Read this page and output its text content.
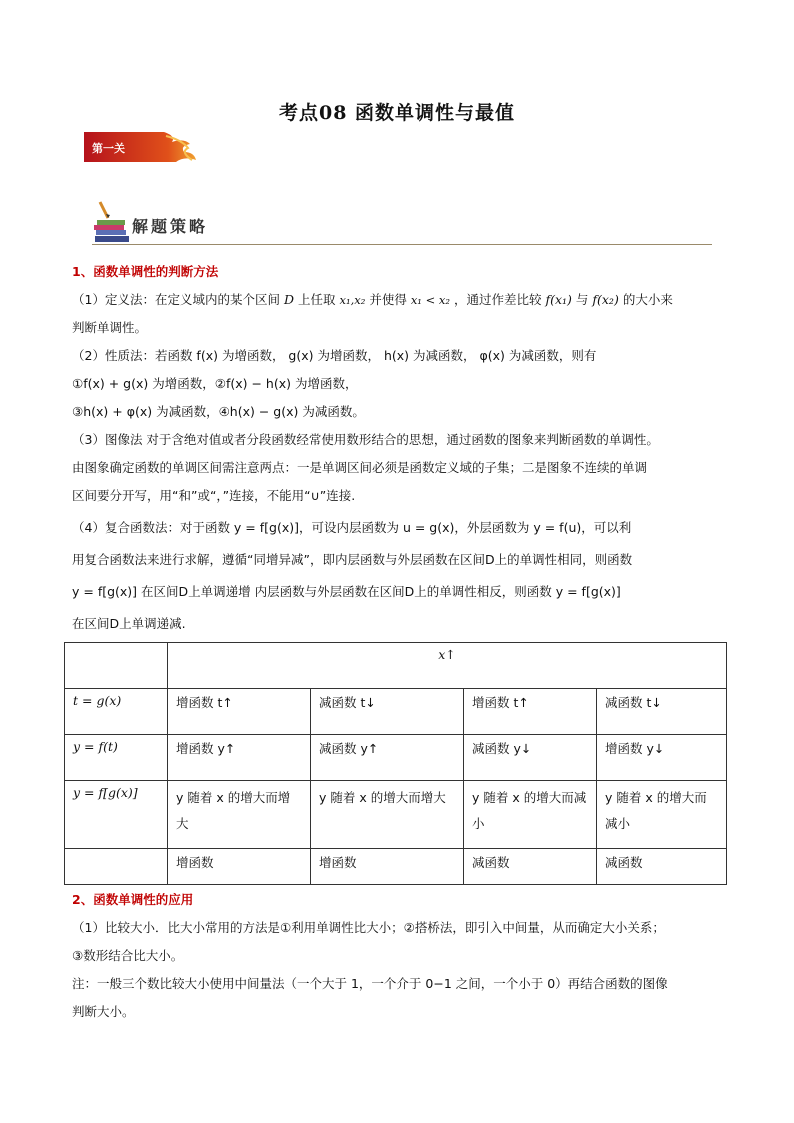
考点08 函数单调性与最值
第一关
解题策略

1、函数单调性的判断方法

（1）定义法：在定义域内的某个区间 D 上任取 x₁,x₂ 并使得 x₁ < x₂ ，通过作差比较 f(x₁) 与 f(x₂) 的大小来

判断单调性。

（2）性质法：若函数 f(x) 为增函数， g(x) 为增函数， h(x) 为减函数， φ(x) 为减函数，则有

①f(x) + g(x) 为增函数，②f(x) − h(x) 为增函数，

③h(x) + φ(x) 为减函数，④h(x) − g(x) 为减函数。

（3）图像法 对于含绝对值或者分段函数经常使用数形结合的思想，通过函数的图象来判断函数的单调性。

由图象确定函数的单调区间需注意两点：一是单调区间必须是函数定义域的子集；二是图象不连续的单调

区间要分开写，用“和”或“，”连接，不能用“∪”连接.

（4）复合函数法：对于函数 y = f[g(x)]，可设内层函数为 u = g(x)，外层函数为 y = f(u)，可以利

用复合函数法来进行求解，遵循“同增异减”，即内层函数与外层函数在区间D上的单调性相同，则函数

y = f[g(x)] 在区间D上单调递增 内层函数与外层函数在区间D上的单调性相反，则函数 y = f[g(x)]

在区间D上单调递减.

	x↑			
t = g(x)	增函数 t↑	减函数 t↓	增函数 t↑	减函数 t↓
y = f(t)	增函数 y↑	减函数 y↑	减函数 y↓	增函数 y↓
y = f[g(x)]	y 随着 x 的增大而增大	y 随着 x 的增大而增大	y 随着 x 的增大而减小	y 随着 x 的增大而减小
	增函数	增函数	减函数	减函数

2、函数单调性的应用

（1）比较大小．比大小常用的方法是①利用单调性比大小；②搭桥法，即引入中间量，从而确定大小关系；

③数形结合比大小。

注：一般三个数比较大小使用中间量法（一个大于 1，一个介于 0−1 之间，一个小于 0）再结合函数的图像

判断大小。
